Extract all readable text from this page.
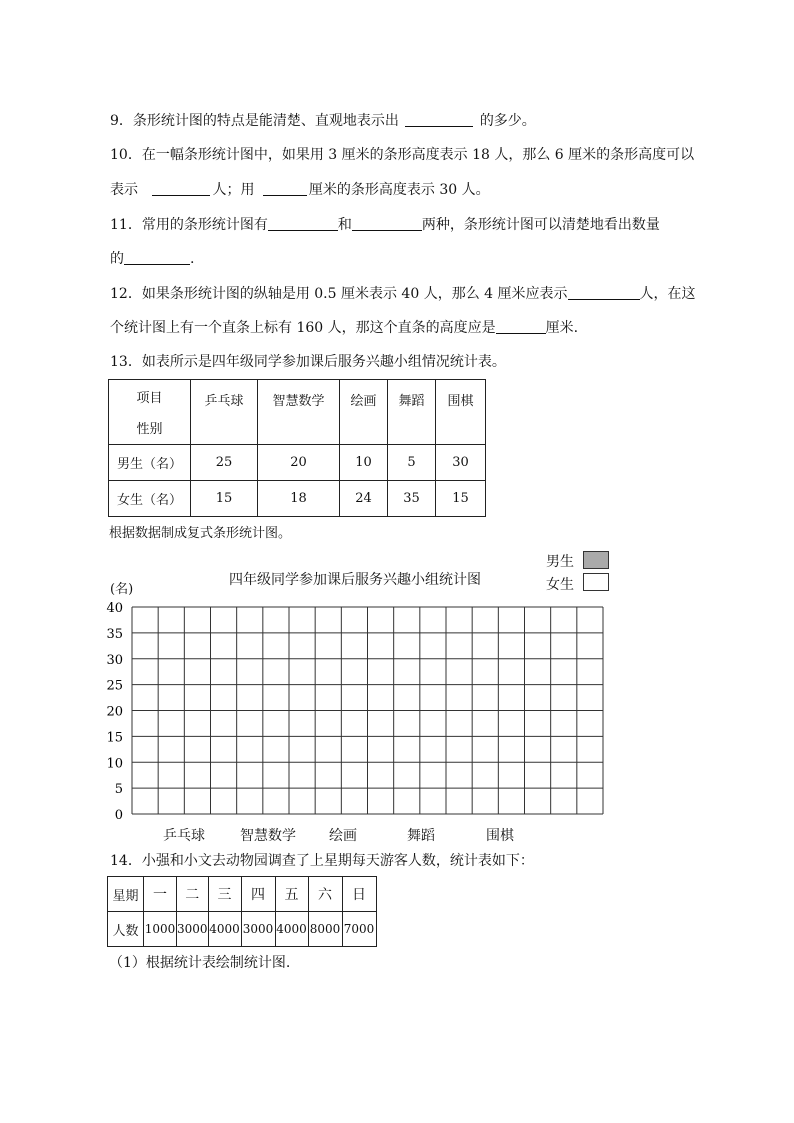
9．条形统计图的特点是能清楚、直观地表示出	的多少。
10．在一幅条形统计图中，如果用 3 厘米的条形高度表示 18 人，那么 6 厘米的条形高度可以
表示	人；用	厘米的条形高度表示 30 人。
11．常用的条形统计图有	和	两种，条形统计图可以清楚地看出数量
的	.
12．如果条形统计图的纵轴是用 0.5 厘米表示 40 人，那么 4 厘米应表示	人，在这
个统计图上有一个直条上标有 160 人，那这个直条的高度应是	厘米.
13．如表所示是四年级同学参加课后服务兴趣小组情况统计表。
项目
性别	乒乓球	智慧数学	绘画	舞蹈	围棋
男生（名）	25	20	10	5	30
女生（名）	15	18	24	35	15
根据数据制成复式条形统计图。
0
5
10
15
20
25
30
35
40
四年级同学参加课后服务兴趣小组统计图
(名)
男生
女生
乒乓球	智慧数学 绘画	舞蹈	围棋
14．小强和小文去动物园调查了上星期每天游客人数，统计表如下：
星期	一	二	三	四	五	六	日
人数	1000	3000	4000	3000	4000	8000	7000
（1）根据统计表绘制统计图.
